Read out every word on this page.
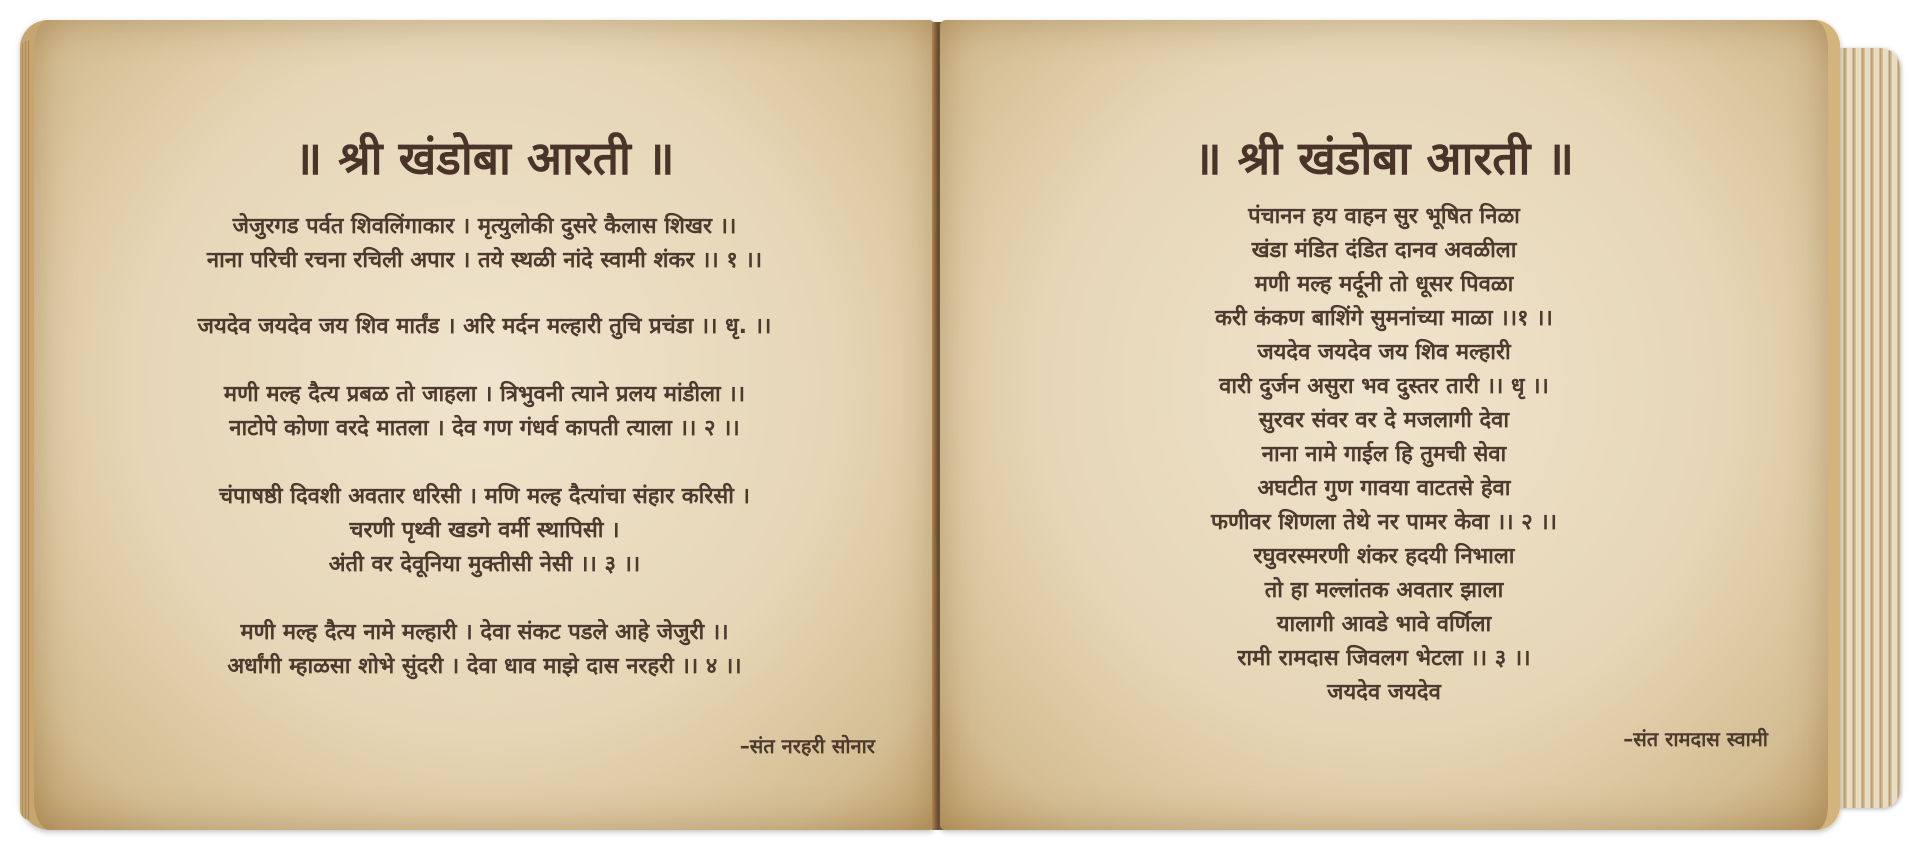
॥ श्री खंडोबा आरती ॥
जेजुरगड पर्वत शिवलिंगाकार । मृत्युलोकी दुसरे कैलास शिखर ।।
नाना परिची रचना रचिली अपार । तये स्थळी नांदे स्वामी शंकर ।। १ ।।
जयदेव जयदेव जय शिव मार्तंड । अरि मर्दन मल्हारी तुचि प्रचंडा ।। धृ. ।।
मणी मल्ह दैत्य प्रबळ तो जाहला । त्रिभुवनी त्याने प्रलय मांडीला ।।
नाटोपे कोणा वरदे मातला । देव गण गंधर्व कापती त्याला ।। २ ।।
चंपाषष्ठी दिवशी अवतार धरिसी । मणि मल्ह दैत्यांचा संहार करिसी ।
चरणी पृथ्वी खडगे वर्मी स्थापिसी ।
अंती वर देवूनिया मुक्तीसी नेसी ।। ३ ।।
मणी मल्ह दैत्य नामे मल्हारी । देवा संकट पडले आहे जेजुरी ।।
अर्धांगी म्हाळसा शोभे सुंदरी । देवा धाव माझे दास नरहरी ।। ४ ।।
–संत नरहरी सोनार
॥ श्री खंडोबा आरती ॥
पंचानन हय वाहन सुर भूषित निळा
खंडा मंडित दंडित दानव अवळीला
मणी मल्ह मर्दूनी तो धूसर पिवळा
करी कंकण बाशिंगे सुमनांच्या माळा ।।१ ।।
जयदेव जयदेव जय शिव मल्हारी
वारी दुर्जन असुरा भव दुस्तर तारी ।। धृ ।।
सुरवर संवर वर दे मजलागी देवा
नाना नामे गाईल हि तुमची सेवा
अघटीत गुण गावया वाटतसे हेवा
फणीवर शिणला तेथे नर पामर केवा ।। २ ।।
रघुवरस्मरणी शंकर हदयी निभाला
तो हा मल्लांतक अवतार झाला
यालागी आवडे भावे वर्णिला
रामी रामदास जिवलग भेटला ।। ३ ।।
जयदेव जयदेव
–संत रामदास स्वामी
